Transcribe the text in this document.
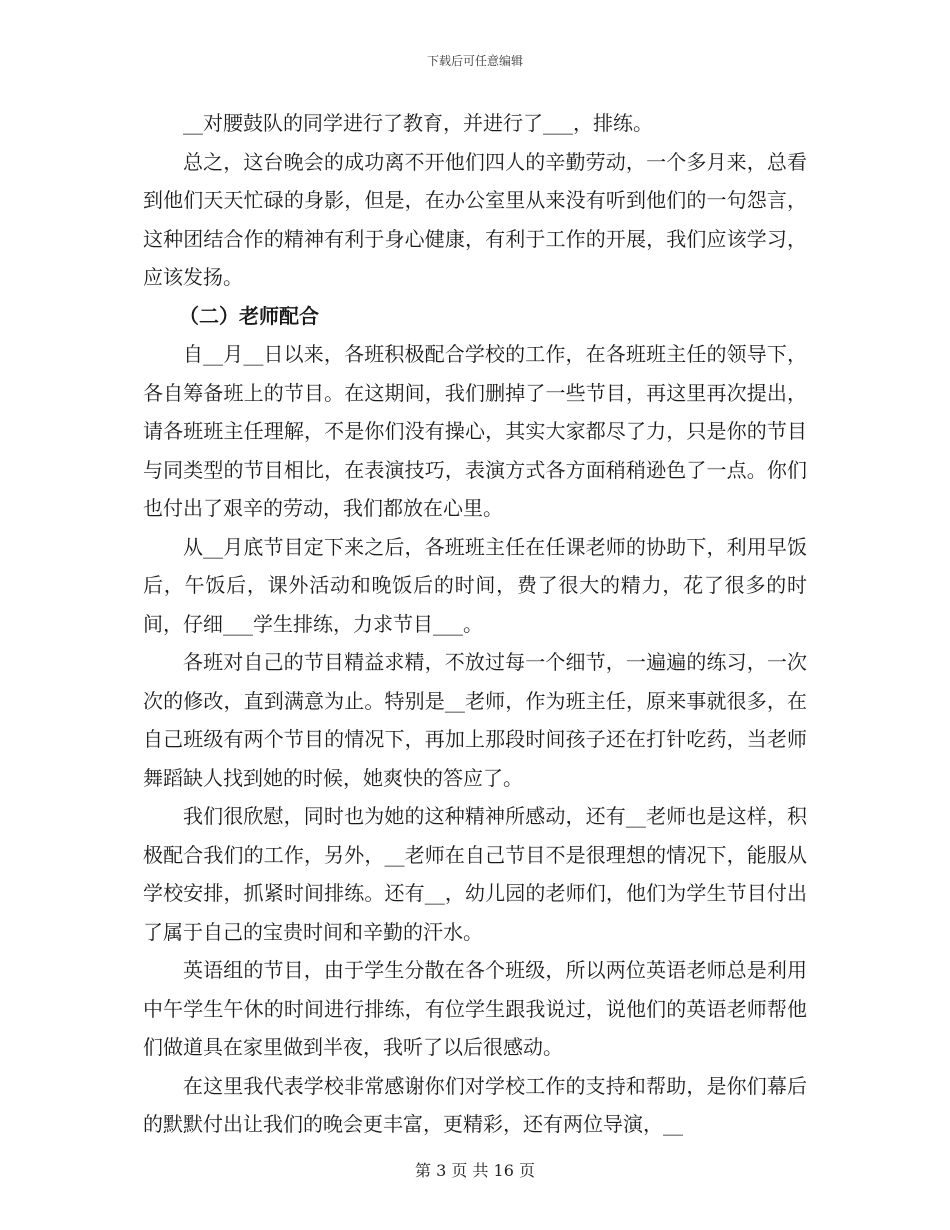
下载后可任意编辑

__对腰鼓队的同学进行了教育，并进行了___，排练。

总之，这台晚会的成功离不开他们四人的辛勤劳动，一个多月来，总看到他们天天忙碌的身影，但是，在办公室里从来没有听到他们的一句怨言，这种团结合作的精神有利于身心健康，有利于工作的开展，我们应该学习，应该发扬。

（二）老师配合

自__月__日以来，各班积极配合学校的工作，在各班班主任的领导下，各自筹备班上的节目。在这期间，我们删掉了一些节目，再这里再次提出，请各班班主任理解，不是你们没有操心，其实大家都尽了力，只是你的节目与同类型的节目相比，在表演技巧，表演方式各方面稍稍逊色了一点。你们也付出了艰辛的劳动，我们都放在心里。

从__月底节目定下来之后，各班班主任在任课老师的协助下，利用早饭后，午饭后，课外活动和晚饭后的时间，费了很大的精力，花了很多的时间，仔细___学生排练，力求节目___。

各班对自己的节目精益求精，不放过每一个细节，一遍遍的练习，一次次的修改，直到满意为止。特别是__老师，作为班主任，原来事就很多，在自己班级有两个节目的情况下，再加上那段时间孩子还在打针吃药，当老师舞蹈缺人找到她的时候，她爽快的答应了。

我们很欣慰，同时也为她的这种精神所感动，还有__老师也是这样，积极配合我们的工作，另外，__老师在自己节目不是很理想的情况下，能服从学校安排，抓紧时间排练。还有__，幼儿园的老师们，他们为学生节目付出了属于自己的宝贵时间和辛勤的汗水。

英语组的节目，由于学生分散在各个班级，所以两位英语老师总是利用中午学生午休的时间进行排练，有位学生跟我说过，说他们的英语老师帮他们做道具在家里做到半夜，我听了以后很感动。

在这里我代表学校非常感谢你们对学校工作的支持和帮助，是你们幕后的默默付出让我们的晚会更丰富，更精彩，还有两位导演，__

第 3 页 共 16 页
